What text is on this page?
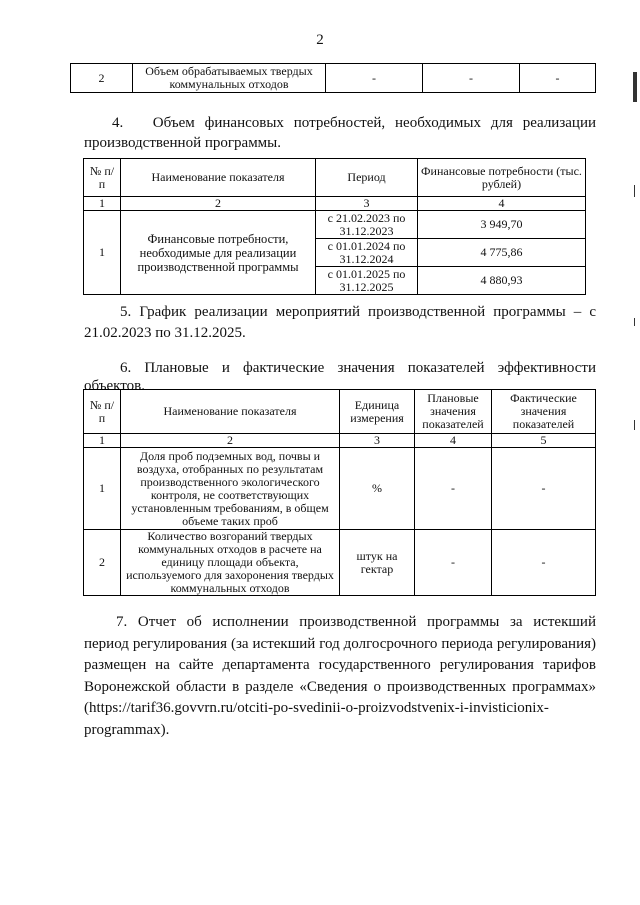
2
2	Объем обрабатываемых твердых коммунальных отходов	-	-	-
4. Объем финансовых потребностей, необходимых для реализации
производственной программы.
№ п/п	Наименование показателя	Период	Финансовые потребности (тыс. рублей)
1	2	3	4
1	Финансовые потребности, необходимые для реализации производственной программы	с 21.02.2023 по 31.12.2023	3 949,70
		с 01.01.2024 по 31.12.2024	4 775,86
		с 01.01.2025 по 31.12.2025	4 880,93
5. График реализации мероприятий производственной программы – с
21.02.2023 по 31.12.2025.
6. Плановые и фактические значения показателей эффективности
объектов.
№ п/п	Наименование показателя	Единица измерения	Плановые значения показателей	Фактические значения показателей
1	2	3	4	5
1	Доля проб подземных вод, почвы и воздуха, отобранных по результатам производственного экологического контроля, не соответствующих установленным требованиям, в общем объеме таких проб	%	-	-
2	Количество возгораний твердых коммунальных отходов в расчете на единицу площади объекта, используемого для захоронения твердых коммунальных отходов	штук на гектар	-	-
7. Отчет об исполнении производственной программы за истекший период регулирования (за истекший год долгосрочного периода регулирования) размещен на сайте департамента государственного регулирования тарифов Воронежской области в разделе «Сведения о производственных программах» (https://tarif36.govvrn.ru/otciti-po-svedinii-o-proizvodstvenix-i-invisticionix-programmax).
